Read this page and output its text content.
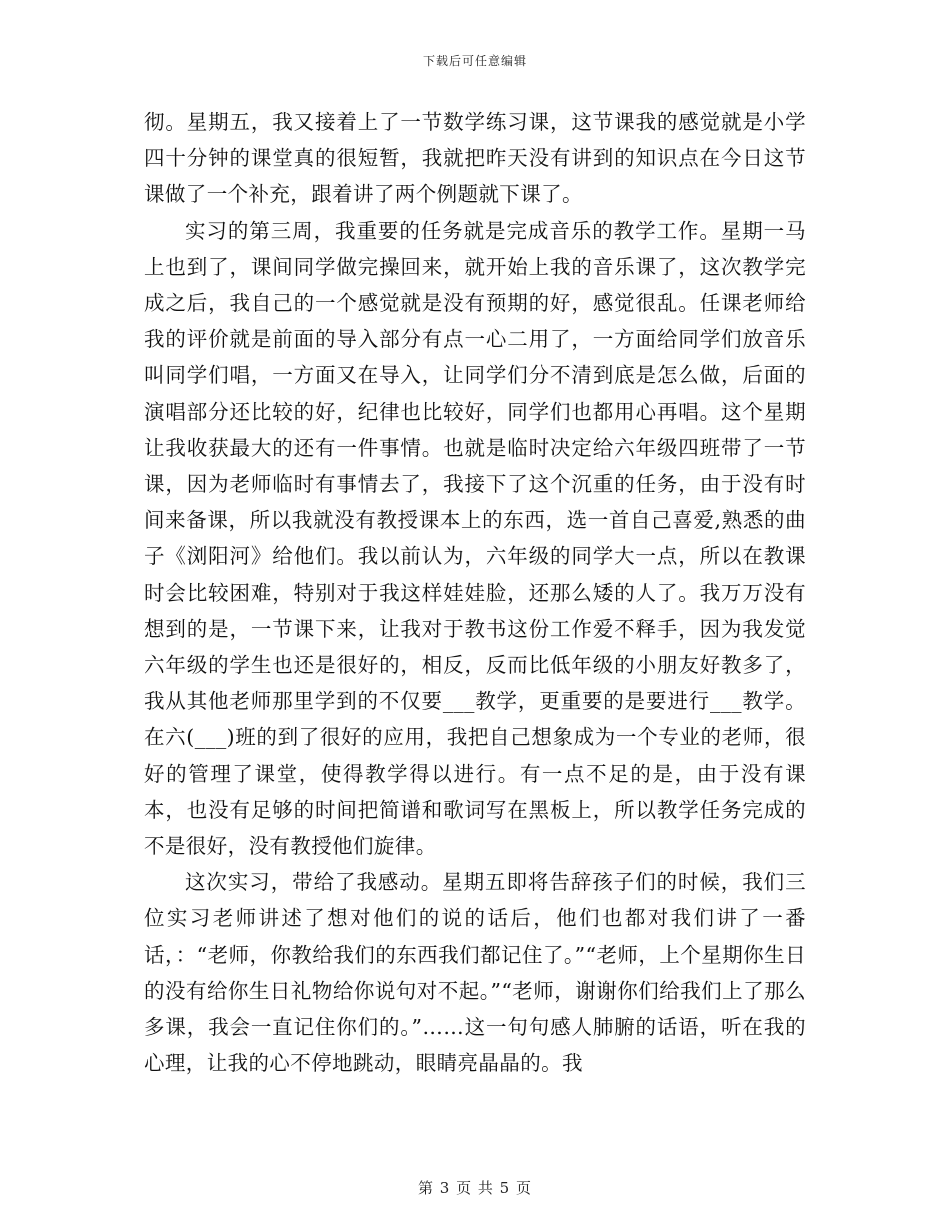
下载后可任意编辑

彻。星期五，我又接着上了一节数学练习课，这节课我的感觉就是小学四十分钟的课堂真的很短暂，我就把昨天没有讲到的知识点在今日这节课做了一个补充，跟着讲了两个例题就下课了。

实习的第三周，我重要的任务就是完成音乐的教学工作。星期一马上也到了，课间同学做完操回来，就开始上我的音乐课了，这次教学完成之后，我自己的一个感觉就是没有预期的好，感觉很乱。任课老师给我的评价就是前面的导入部分有点一心二用了，一方面给同学们放音乐叫同学们唱，一方面又在导入，让同学们分不清到底是怎么做，后面的演唱部分还比较的好，纪律也比较好，同学们也都用心再唱。这个星期让我收获最大的还有一件事情。也就是临时决定给六年级四班带了一节课，因为老师临时有事情去了，我接下了这个沉重的任务，由于没有时间来备课，所以我就没有教授课本上的东西，选一首自己喜爱,熟悉的曲子《浏阳河》给他们。我以前认为，六年级的同学大一点，所以在教课时会比较困难，特别对于我这样娃娃脸，还那么矮的人了。我万万没有想到的是，一节课下来，让我对于教书这份工作爱不释手，因为我发觉六年级的学生也还是很好的，相反，反而比低年级的小朋友好教多了，我从其他老师那里学到的不仅要___教学，更重要的是要进行___教学。在六(___)班的到了很好的应用，我把自己想象成为一个专业的老师，很好的管理了课堂，使得教学得以进行。有一点不足的是，由于没有课本，也没有足够的时间把简谱和歌词写在黑板上，所以教学任务完成的不是很好，没有教授他们旋律。

这次实习，带给了我感动。星期五即将告辞孩子们的时候，我们三位实习老师讲述了想对他们的说的话后，他们也都对我们讲了一番话，：“老师，你教给我们的东西我们都记住了。”“老师，上个星期你生日的没有给你生日礼物给你说句对不起。”“老师，谢谢你们给我们上了那么多课，我会一直记住你们的。”……这一句句感人肺腑的话语，听在我的心理，让我的心不停地跳动，眼睛亮晶晶的。我

第 3 页 共 5 页
